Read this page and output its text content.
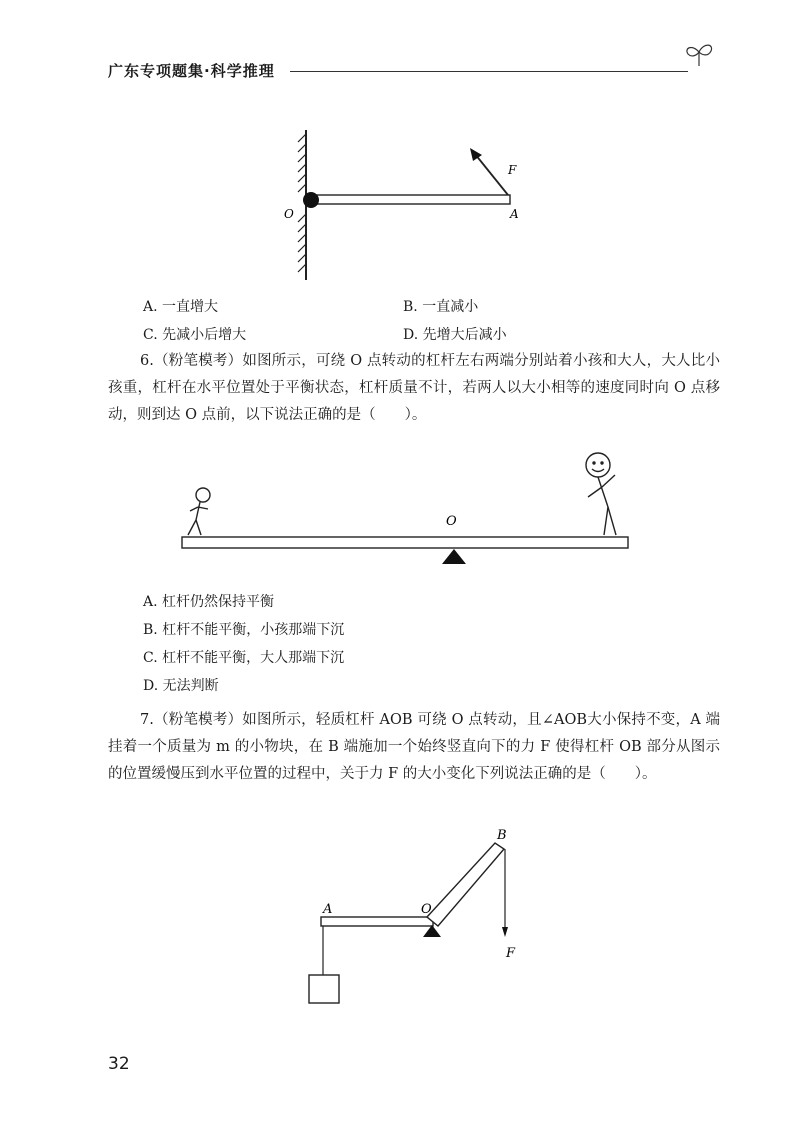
广东专项题集·科学推理
O	A
F
A. 一直增大	B. 一直减小
C. 先减小后增大	D. 先增大后减小
6.（粉笔模考）如图所示，可绕 O 点转动的杠杆左右两端分别站着小孩和大人，大人比小孩重，杠杆在水平位置处于平衡状态，杠杆质量不计，若两人以大小相等的速度同时向 O 点移动，则到达 O 点前，以下说法正确的是（　　）。
O
A. 杠杆仍然保持平衡
B. 杠杆不能平衡，小孩那端下沉
C. 杠杆不能平衡，大人那端下沉
D. 无法判断
7.（粉笔模考）如图所示，轻质杠杆 AOB 可绕 O 点转动，且∠AOB大小保持不变，A 端挂着一个质量为 m 的小物块，在 B 端施加一个始终竖直向下的力 F 使得杠杆 OB 部分从图示的位置缓慢压到水平位置的过程中，关于力 F 的大小变化下列说法正确的是（　　）。
A	O
B
F
32
